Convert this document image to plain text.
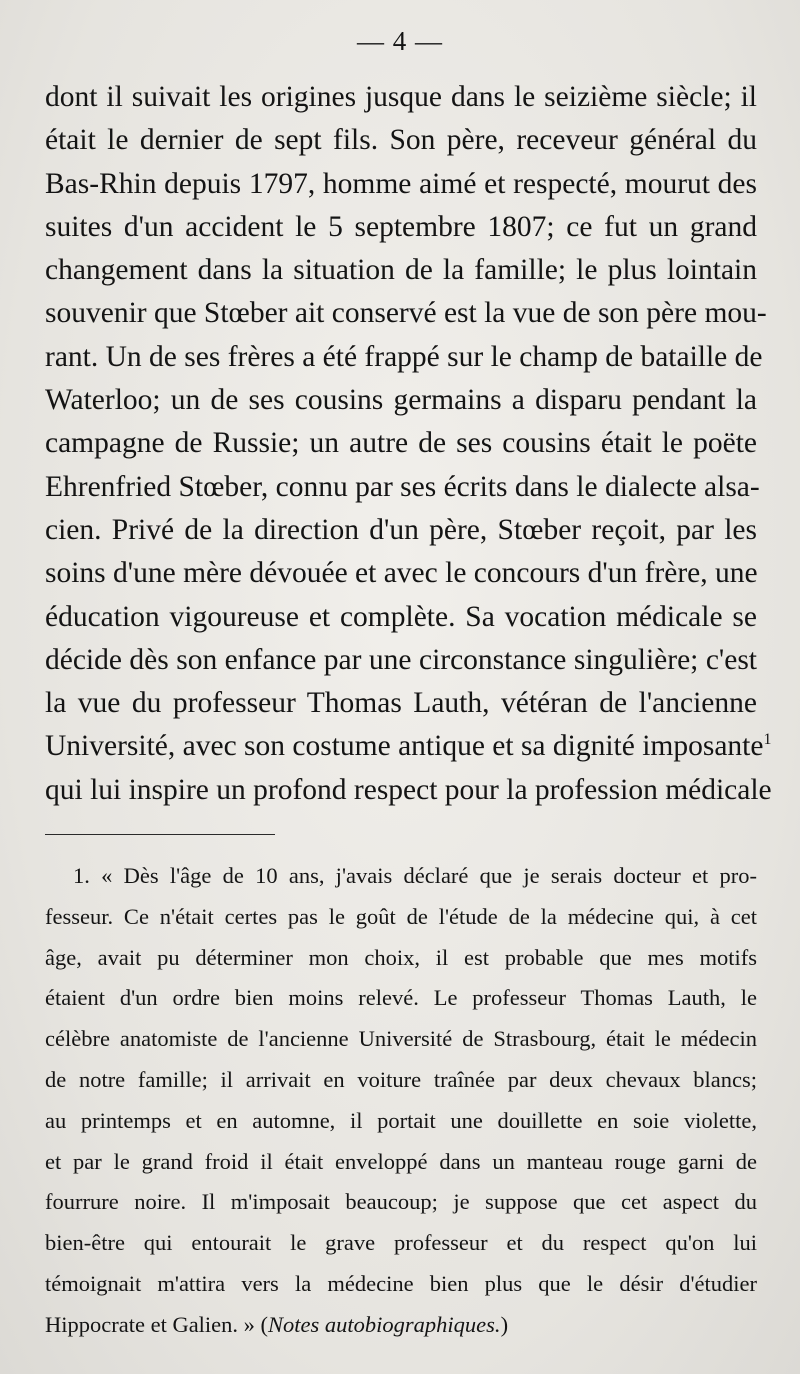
— 4 —
dont il suivait les origines jusque dans le seizième siècle; il
était le dernier de sept fils. Son père, receveur général du
Bas-Rhin depuis 1797, homme aimé et respecté, mourut des
suites d'un accident le 5 septembre 1807; ce fut un grand
changement dans la situation de la famille; le plus lointain
souvenir que Stœber ait conservé est la vue de son père mou-
rant. Un de ses frères a été frappé sur le champ de bataille de
Waterloo; un de ses cousins germains a disparu pendant la
campagne de Russie; un autre de ses cousins était le poëte
Ehrenfried Stœber, connu par ses écrits dans le dialecte alsa-
cien. Privé de la direction d'un père, Stœber reçoit, par les
soins d'une mère dévouée et avec le concours d'un frère, une
éducation vigoureuse et complète. Sa vocation médicale se
décide dès son enfance par une circonstance singulière; c'est
la vue du professeur Thomas Lauth, vétéran de l'ancienne
Université, avec son costume antique et sa dignité imposante$^1$
qui lui inspire un profond respect pour la profession médicale
1. « Dès l'âge de 10 ans, j'avais déclaré que je serais docteur et pro-
fesseur. Ce n'était certes pas le goût de l'étude de la médecine qui, à cet
âge, avait pu déterminer mon choix, il est probable que mes motifs
étaient d'un ordre bien moins relevé. Le professeur Thomas Lauth, le
célèbre anatomiste de l'ancienne Université de Strasbourg, était le médecin
de notre famille; il arrivait en voiture traînée par deux chevaux blancs;
au printemps et en automne, il portait une douillette en soie violette,
et par le grand froid il était enveloppé dans un manteau rouge garni de
fourrure noire. Il m'imposait beaucoup; je suppose que cet aspect du
bien-être qui entourait le grave professeur et du respect qu'on lui
témoignait m'attira vers la médecine bien plus que le désir d'étudier
Hippocrate et Galien. » (Notes autobiographiques.)
